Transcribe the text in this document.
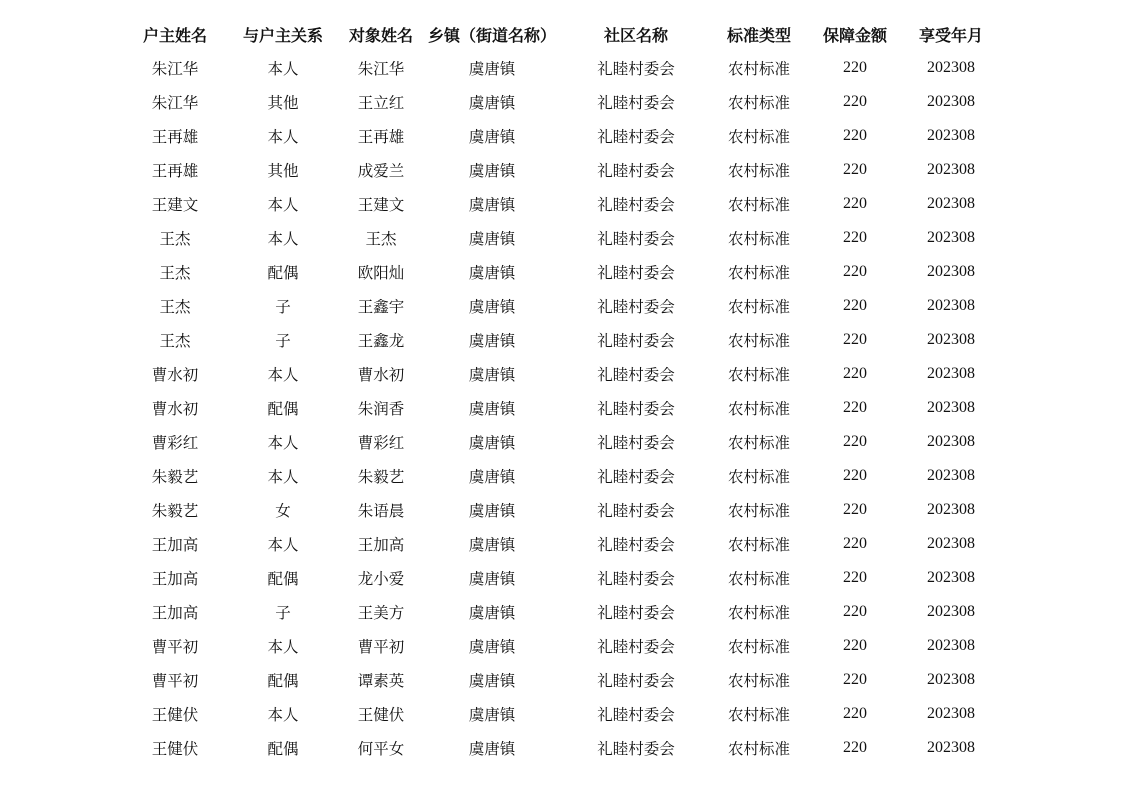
户主姓名	与户主关系	对象姓名	乡镇（街道名称）	社区名称	标准类型	保障金额	享受年月
朱江华	本人	朱江华	虞唐镇	礼睦村委会	农村标准	220	202308
朱江华	其他	王立红	虞唐镇	礼睦村委会	农村标准	220	202308
王再雄	本人	王再雄	虞唐镇	礼睦村委会	农村标准	220	202308
王再雄	其他	成爱兰	虞唐镇	礼睦村委会	农村标准	220	202308
王建文	本人	王建文	虞唐镇	礼睦村委会	农村标准	220	202308
王杰	本人	王杰	虞唐镇	礼睦村委会	农村标准	220	202308
王杰	配偶	欧阳灿	虞唐镇	礼睦村委会	农村标准	220	202308
王杰	子	王鑫宇	虞唐镇	礼睦村委会	农村标准	220	202308
王杰	子	王鑫龙	虞唐镇	礼睦村委会	农村标准	220	202308
曹水初	本人	曹水初	虞唐镇	礼睦村委会	农村标准	220	202308
曹水初	配偶	朱润香	虞唐镇	礼睦村委会	农村标准	220	202308
曹彩红	本人	曹彩红	虞唐镇	礼睦村委会	农村标准	220	202308
朱毅艺	本人	朱毅艺	虞唐镇	礼睦村委会	农村标准	220	202308
朱毅艺	女	朱语晨	虞唐镇	礼睦村委会	农村标准	220	202308
王加高	本人	王加高	虞唐镇	礼睦村委会	农村标准	220	202308
王加高	配偶	龙小爱	虞唐镇	礼睦村委会	农村标准	220	202308
王加高	子	王美方	虞唐镇	礼睦村委会	农村标准	220	202308
曹平初	本人	曹平初	虞唐镇	礼睦村委会	农村标准	220	202308
曹平初	配偶	谭素英	虞唐镇	礼睦村委会	农村标准	220	202308
王健伏	本人	王健伏	虞唐镇	礼睦村委会	农村标准	220	202308
王健伏	配偶	何平女	虞唐镇	礼睦村委会	农村标准	220	202308
